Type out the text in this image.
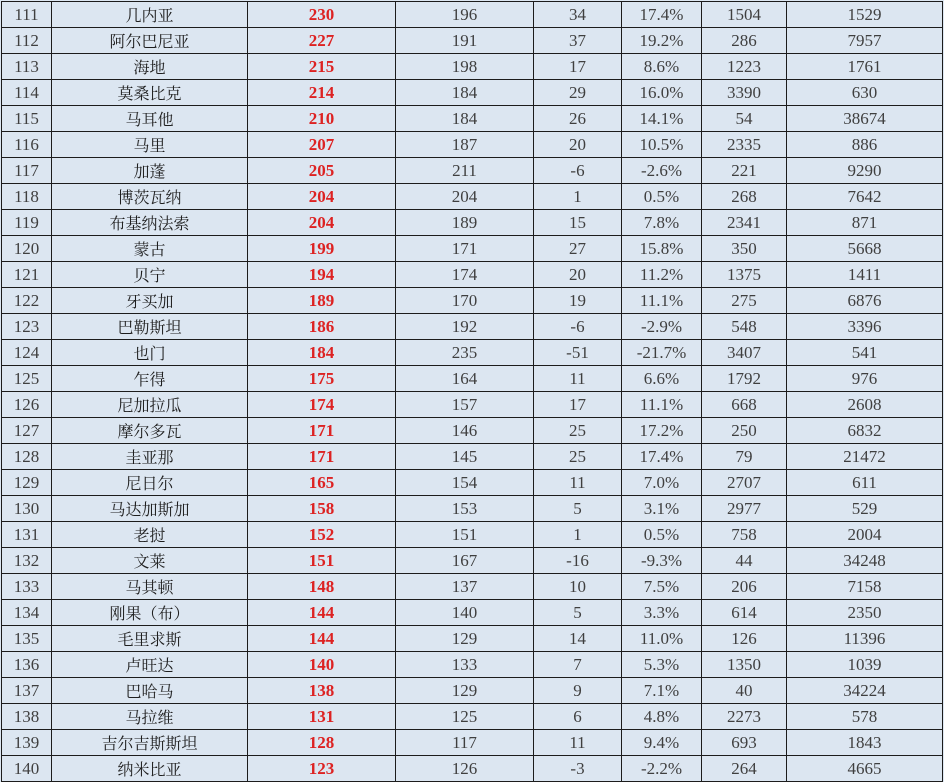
111	几内亚	230	196	34	17.4%	1504	1529
112	阿尔巴尼亚	227	191	37	19.2%	286	7957
113	海地	215	198	17	8.6%	1223	1761
114	莫桑比克	214	184	29	16.0%	3390	630
115	马耳他	210	184	26	14.1%	54	38674
116	马里	207	187	20	10.5%	2335	886
117	加蓬	205	211	-6	-2.6%	221	9290
118	博茨瓦纳	204	204	1	0.5%	268	7642
119	布基纳法索	204	189	15	7.8%	2341	871
120	蒙古	199	171	27	15.8%	350	5668
121	贝宁	194	174	20	11.2%	1375	1411
122	牙买加	189	170	19	11.1%	275	6876
123	巴勒斯坦	186	192	-6	-2.9%	548	3396
124	也门	184	235	-51	-21.7%	3407	541
125	乍得	175	164	11	6.6%	1792	976
126	尼加拉瓜	174	157	17	11.1%	668	2608
127	摩尔多瓦	171	146	25	17.2%	250	6832
128	圭亚那	171	145	25	17.4%	79	21472
129	尼日尔	165	154	11	7.0%	2707	611
130	马达加斯加	158	153	5	3.1%	2977	529
131	老挝	152	151	1	0.5%	758	2004
132	文莱	151	167	-16	-9.3%	44	34248
133	马其顿	148	137	10	7.5%	206	7158
134	刚果（布）	144	140	5	3.3%	614	2350
135	毛里求斯	144	129	14	11.0%	126	11396
136	卢旺达	140	133	7	5.3%	1350	1039
137	巴哈马	138	129	9	7.1%	40	34224
138	马拉维	131	125	6	4.8%	2273	578
139	吉尔吉斯斯坦	128	117	11	9.4%	693	1843
140	纳米比亚	123	126	-3	-2.2%	264	4665
